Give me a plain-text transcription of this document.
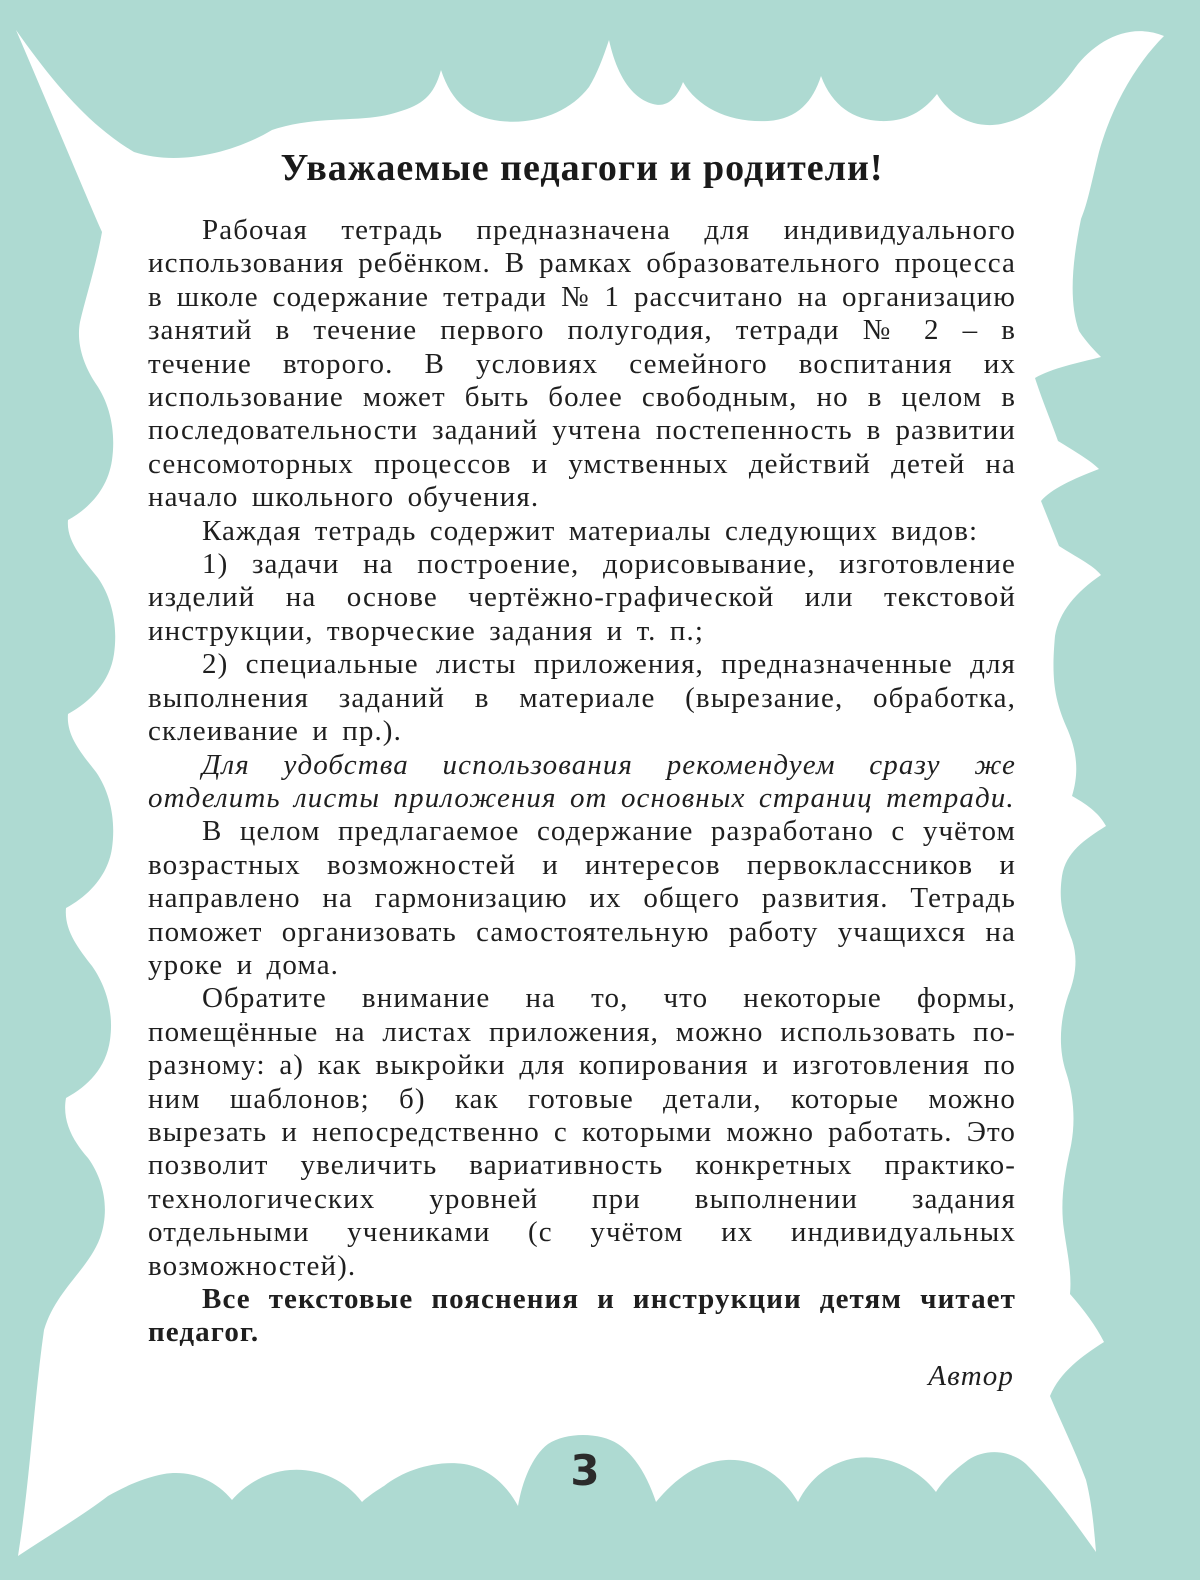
Уважаемые педагоги и родители!

Рабочая тетрадь предназначена для индивидуального использования ребёнком. В рамках образовательного процесса в школе содержание тетради № 1 рассчитано на организацию занятий в течение первого полугодия, тетради № 2 – в течение второго. В условиях семейного воспитания их использование может быть более свободным, но в целом в последовательности заданий учтена постепенность в развитии сенсомоторных процессов и умственных действий детей на начало школьного обучения.

Каждая тетрадь содержит материалы следующих видов:

1) задачи на построение, дорисовывание, изготовление изделий на основе чертёжно-графической или текстовой инструкции, творческие задания и т. п.;

2) специальные листы приложения, предназначенные для выполнения заданий в материале (вырезание, обработка, склеивание и пр.).

Для удобства использования рекомендуем сразу же отделить листы приложения от основных страниц тетради.

В целом предлагаемое содержание разработано с учётом возрастных возможностей и интересов первоклассников и направлено на гармонизацию их общего развития. Тетрадь поможет организовать самостоятельную работу учащихся на уроке и дома.

Обратите внимание на то, что некоторые формы, помещённые на листах приложения, можно использовать по-разному: а) как выкройки для копирования и изготовления по ним шаблонов; б) как готовые детали, которые можно вырезать и непосредственно с которыми можно работать. Это позволит увеличить вариативность конкретных практико-технологических уровней при выполнении задания отдельными учениками (с учётом их индивидуальных возможностей).

Все текстовые пояснения и инструкции детям читает педагог.

Автор

3
